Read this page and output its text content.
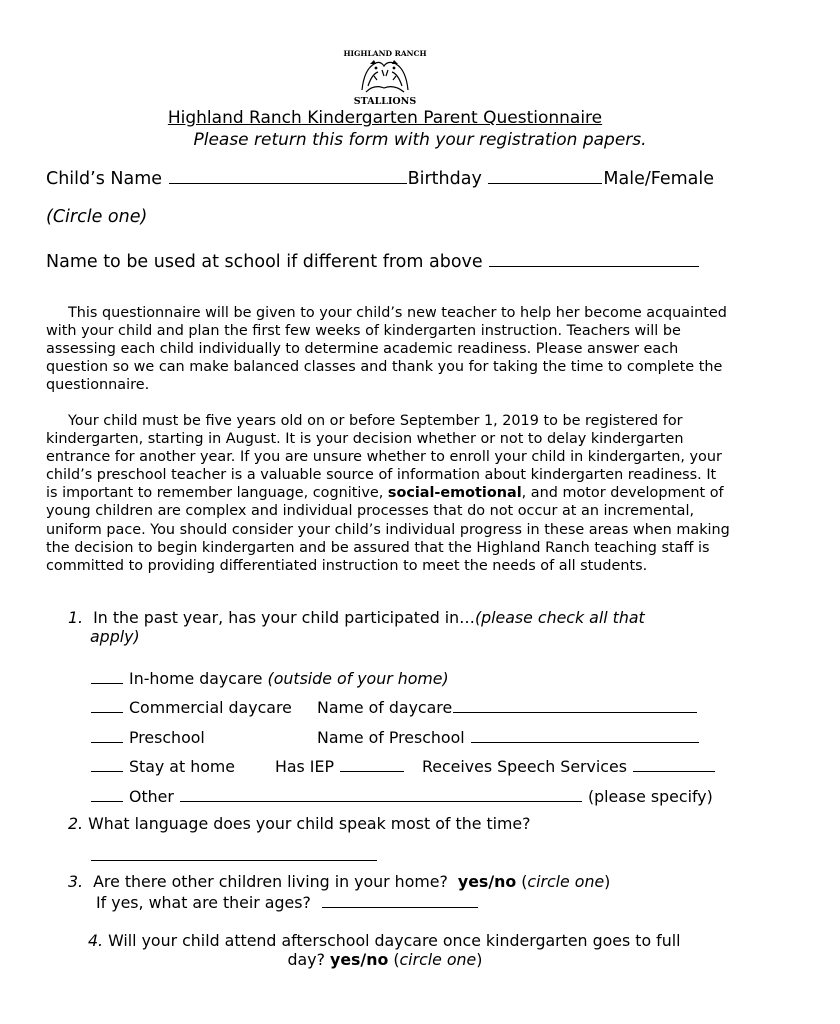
HIGHLAND RANCH
STALLIONS
Highland Ranch Kindergarten Parent Questionnaire
Please return this form with your registration papers.
Child’s Name	Birthday	Male/Female
(Circle one)
Name to be used at school if different from above

This questionnaire will be given to your child’s new teacher to help her become acquainted with your child and plan the first few weeks of kindergarten instruction. Teachers will be assessing each child individually to determine academic readiness. Please answer each question so we can make balanced classes and thank you for taking the time to complete the questionnaire.

Your child must be five years old on or before September 1, 2019 to be registered for kindergarten, starting in August. It is your decision whether or not to delay kindergarten entrance for another year. If you are unsure whether to enroll your child in kindergarten, your child’s preschool teacher is a valuable source of information about kindergarten readiness. It is important to remember language, cognitive, social-emotional, and motor development of young children are complex and individual processes that do not occur at an incremental, uniform pace. You should consider your child’s individual progress in these areas when making the decision to begin kindergarten and be assured that the Highland Ranch teaching staff is committed to providing differentiated instruction to meet the needs of all students.

1. In the past year, has your child participated in…(please check all that
apply)
In-home daycare (outside of your home)
Commercial daycare Name of daycare
Preschool	Name of Preschool
Stay at home	Has IEP	Receives Speech Services
Other	(please specify)
2. What language does your child speak most of the time?
3. Are there other children living in your home? yes/no (circle one)
If yes, what are their ages?
4. Will your child attend afterschool daycare once kindergarten goes to full
day? yes/no (circle one)
